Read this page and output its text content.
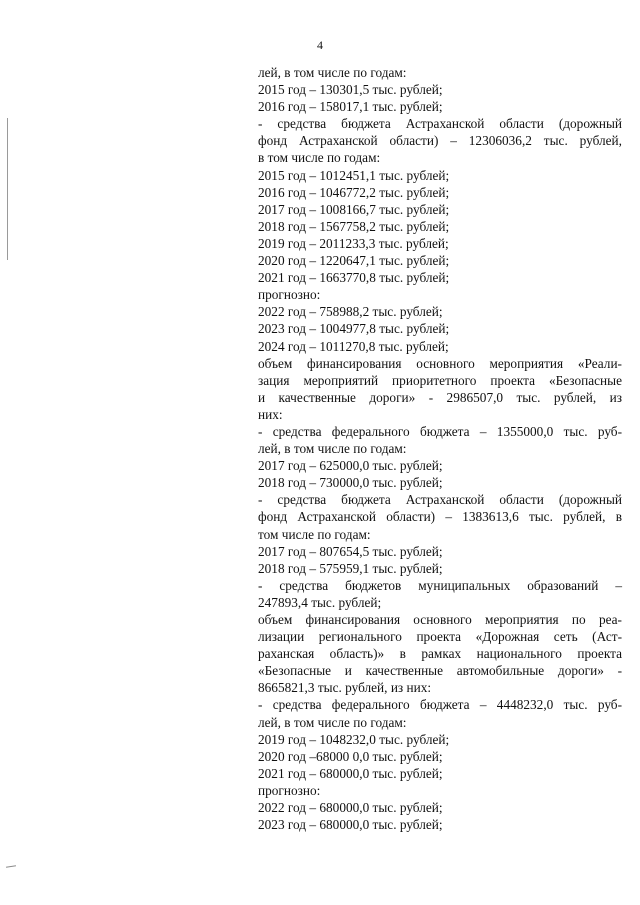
4
лей, в том числе по годам:
2015 год – 130301,5 тыс. рублей;
2016 год – 158017,1 тыс. рублей;
- средства бюджета Астраханской области (дорожный
фонд Астраханской области) – 12306036,2 тыс. рублей,
в том числе по годам:
2015 год – 1012451,1 тыс. рублей;
2016 год – 1046772,2 тыс. рублей;
2017 год – 1008166,7 тыс. рублей;
2018 год – 1567758,2 тыс. рублей;
2019 год – 2011233,3 тыс. рублей;
2020 год – 1220647,1 тыс. рублей;
2021 год – 1663770,8 тыс. рублей;
прогнозно:
2022 год – 758988,2 тыс. рублей;
2023 год – 1004977,8 тыс. рублей;
2024 год – 1011270,8 тыс. рублей;
объем финансирования основного мероприятия «Реали-
зация мероприятий приоритетного проекта «Безопасные
и качественные дороги» - 2986507,0 тыс. рублей, из
них:
- средства федерального бюджета – 1355000,0 тыс. руб-
лей, в том числе по годам:
2017 год – 625000,0 тыс. рублей;
2018 год – 730000,0 тыс. рублей;
- средства бюджета Астраханской области (дорожный
фонд Астраханской области) – 1383613,6 тыс. рублей, в
том числе по годам:
2017 год – 807654,5 тыс. рублей;
2018 год – 575959,1 тыс. рублей;
- средства бюджетов муниципальных образований –
247893,4 тыс. рублей;
объем финансирования основного мероприятия по реа-
лизации регионального проекта «Дорожная сеть (Аст-
раханская область)» в рамках национального проекта
«Безопасные и качественные автомобильные дороги» -
8665821,3 тыс. рублей, из них:
- средства федерального бюджета – 4448232,0 тыс. руб-
лей, в том числе по годам:
2019 год – 1048232,0 тыс. рублей;
2020 год –68000 0,0 тыс. рублей;
2021 год – 680000,0 тыс. рублей;
прогнозно:
2022 год – 680000,0 тыс. рублей;
2023 год – 680000,0 тыс. рублей;
